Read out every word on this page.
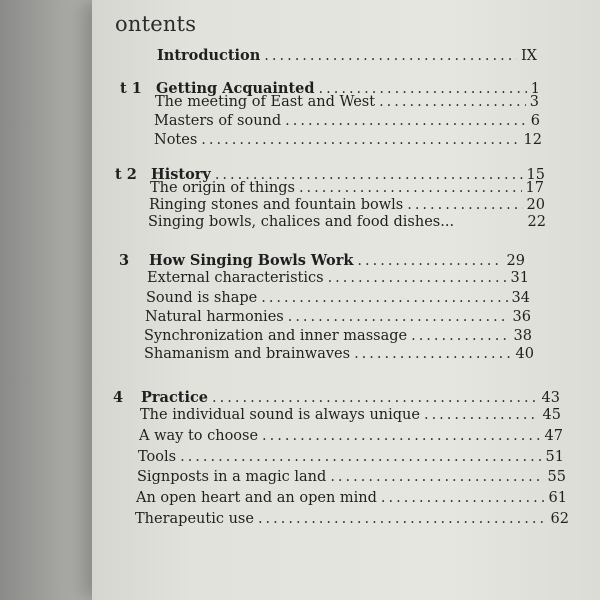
ontents
Introduction .....	IX
t 1 Getting Acquainted .....	1
The meeting of East and West .....	3
Masters of sound .....	6
Notes .....	12
t 2 History .....	15
The origin of things .....	17
Ringing stones and fountain bowls .....	20
Singing bowls, chalices and food dishes...	22
3 How Singing Bowls Work .....	29
External characteristics .....	31
Sound is shape .....	34
Natural harmonies .....	36
Synchronization and inner massage .....	38
Shamanism and brainwaves .....	40
4 Practice .....	43
The individual sound is always unique .....	45
A way to choose .....	47
Tools .....	51
Signposts in a magic land .....	55
An open heart and an open mind .....	61
Therapeutic use .....	62
